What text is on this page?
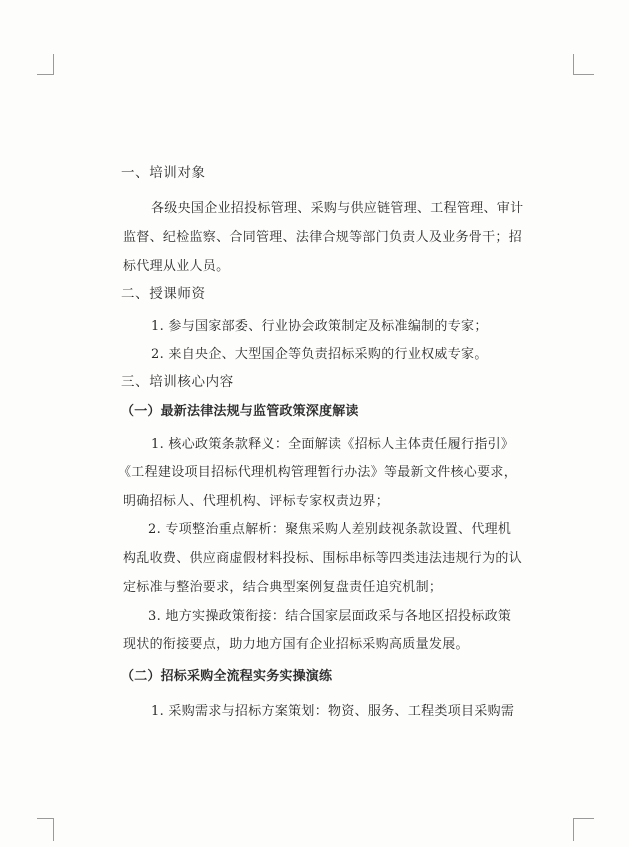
一、培训对象

各级央国企业招投标管理、采购与供应链管理、工程管理、审计

监督、纪检监察、合同管理、法律合规等部门负责人及业务骨干；招

标代理从业人员。

二、授课师资

1. 参与国家部委、行业协会政策制定及标准编制的专家；

2. 来自央企、大型国企等负责招标采购的行业权威专家。

三、培训核心内容

（一）最新法律法规与监管政策深度解读

1. 核心政策条款释义：全面解读《招标人主体责任履行指引》

《工程建设项目招标代理机构管理暂行办法》等最新文件核心要求，

明确招标人、代理机构、评标专家权责边界；

2. 专项整治重点解析：聚焦采购人差别歧视条款设置、代理机

构乱收费、供应商虚假材料投标、围标串标等四类违法违规行为的认

定标准与整治要求，结合典型案例复盘责任追究机制；

3. 地方实操政策衔接：结合国家层面政采与各地区招投标政策

现状的衔接要点，助力地方国有企业招标采购高质量发展。

（二）招标采购全流程实务实操演练

1. 采购需求与招标方案策划：物资、服务、工程类项目采购需
